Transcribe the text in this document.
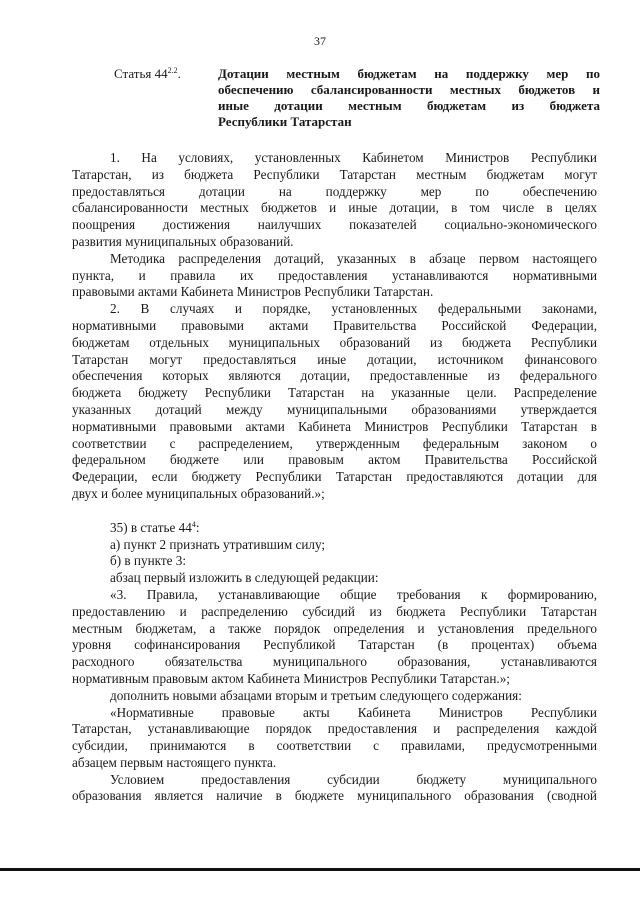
37
Статья $44^{2.2}$.	Дотации местным бюджетам на поддержку мер по
обеспечению сбалансированности местных бюджетов и
иные дотации местным бюджетам из бюджета
Республики Татарстан
1. На условиях, установленных Кабинетом Министров Республики
Татарстан, из бюджета Республики Татарстан местным бюджетам могут
предоставляться дотации на поддержку мер по обеспечению
сбалансированности местных бюджетов и иные дотации, в том числе в целях
поощрения достижения наилучших показателей социально-экономического
развития муниципальных образований.
Методика распределения дотаций, указанных в абзаце первом настоящего
пункта, и правила их предоставления устанавливаются нормативными
правовыми актами Кабинета Министров Республики Татарстан.
2. В случаях и порядке, установленных федеральными законами,
нормативными правовыми актами Правительства Российской Федерации,
бюджетам отдельных муниципальных образований из бюджета Республики
Татарстан могут предоставляться иные дотации, источником финансового
обеспечения которых являются дотации, предоставленные из федерального
бюджета бюджету Республики Татарстан на указанные цели. Распределение
указанных дотаций между муниципальными образованиями утверждается
нормативными правовыми актами Кабинета Министров Республики Татарстан в
соответствии с распределением, утвержденным федеральным законом о
федеральном бюджете или правовым актом Правительства Российской
Федерации, если бюджету Республики Татарстан предоставляются дотации для
двух и более муниципальных образований.»;
35) в статье $44^4$:
а) пункт 2 признать утратившим силу;
б) в пункте 3:
абзац первый изложить в следующей редакции:
«3. Правила, устанавливающие общие требования к формированию,
предоставлению и распределению субсидий из бюджета Республики Татарстан
местным бюджетам, а также порядок определения и установления предельного
уровня софинансирования Республикой Татарстан (в процентах) объема
расходного обязательства муниципального образования, устанавливаются
нормативным правовым актом Кабинета Министров Республики Татарстан.»;
дополнить новыми абзацами вторым и третьим следующего содержания:
«Нормативные правовые акты Кабинета Министров Республики
Татарстан, устанавливающие порядок предоставления и распределения каждой
субсидии, принимаются в соответствии с правилами, предусмотренными
абзацем первым настоящего пункта.
Условием предоставления субсидии бюджету муниципального
образования является наличие в бюджете муниципального образования (сводной
